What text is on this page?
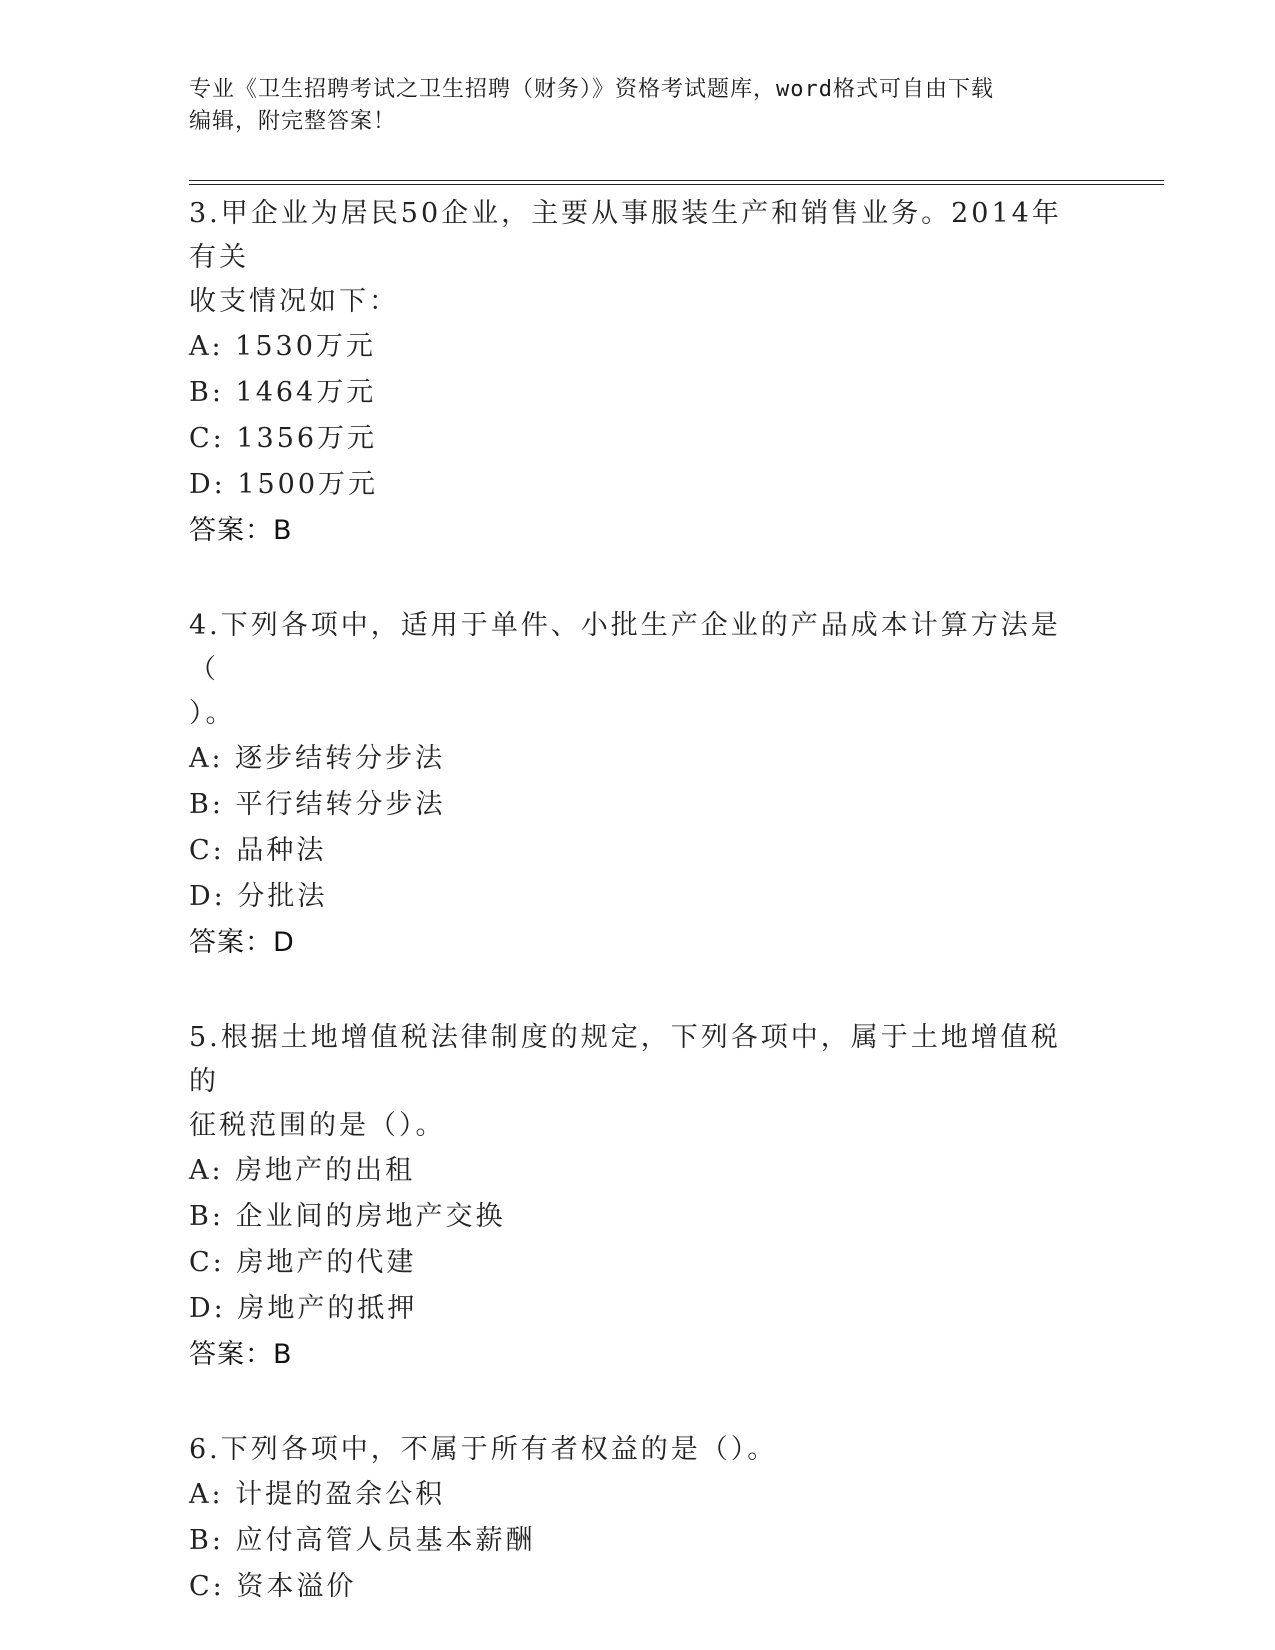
专业《卫生招聘考试之卫生招聘（财务）》资格考试题库，word格式可自由下载
编辑，附完整答案！
3.甲企业为居民50企业，主要从事服装生产和销售业务。2014年有关
收支情况如下：
A: 1530万元
B: 1464万元
C: 1356万元
D: 1500万元
答案：B
4.下列各项中，适用于单件、小批生产企业的产品成本计算方法是（
）。
A: 逐步结转分步法
B: 平行结转分步法
C: 品种法
D: 分批法
答案：D
5.根据土地增值税法律制度的规定，下列各项中，属于土地增值税的
征税范围的是（）。
A: 房地产的出租
B: 企业间的房地产交换
C: 房地产的代建
D: 房地产的抵押
答案：B
6.下列各项中，不属于所有者权益的是（）。
A: 计提的盈余公积
B: 应付高管人员基本薪酬
C: 资本溢价
